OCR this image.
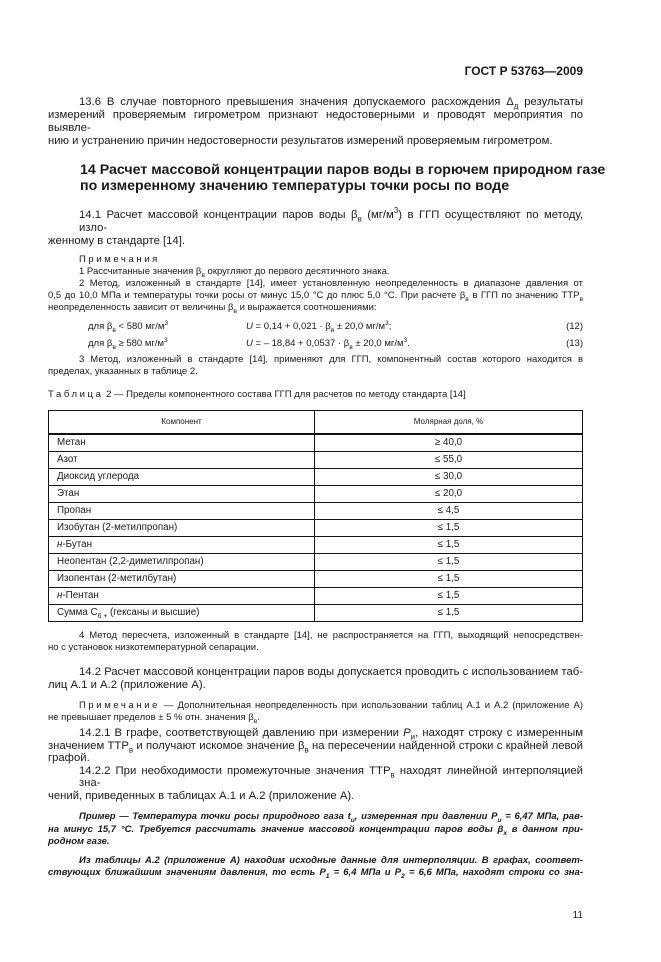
ГОСТ Р 53763—2009
13.6 В случае повторного превышения значения допускаемого расхождения $\Delta_д$ результаты
измерений проверяемым гигрометром признают недостоверными и проводят мероприятия по выявле-
нию и устранению причин недостоверности результатов измерений проверяемым гигрометром.
14 Расчет массовой концентрации паров воды в горючем природном газе
по измеренному значению температуры точки росы по воде
14.1 Расчет массовой концентрации паров воды $\beta_в$ $(мг/м^3)$ в ГГП осуществляют по методу, изло-
женному в стандарте [14].
Примечания
1 Рассчитанные значения $\beta_в$ округляют до первого десятичного знака.
2 Метод, изложенный в стандарте [14], имеет установленную неопределенность в диапазоне давления от
0,5 до 10,0 МПа и температуры точки росы от минус 15,0 °С до плюс 5,0 °С. При расчете $\beta_в$ в ГГП по значению $ТТР_в$
неопределенность зависит от величины $\beta_в$ и выражается соотношениями:
для $\beta_в < 580$ $мг/м^3$	$U = 0,14 + 0,021 \cdot \beta_в \pm 20,0$ $мг/м^3$;	(12)
для $\beta_в \ge 580$ $мг/м^3$	U = – $18,84 + 0,0537 \cdot \beta_в \pm 20,0$ $мг/м^3$.	(13)
3 Метод, изложенный в стандарте [14], применяют для ГГП, компонентный состав которого находится в
пределах, указанных в таблице 2.
Таблица 2 — Пределы компонентного состава ГГП для расчетов по методу стандарта [14]
Компонент	Молярная доля, %
Метан	≥ 40,0
Азот	≤ 55,0
Диоксид углерода	≤ 30,0
Этан	≤ 20,0
Пропан	≤ 4,5
Изобутан (2-метилпропан)	≤ 1,5
н-Бутан	≤ 1,5
Неопентан (2,2-диметилпропан)	≤ 1,5
Изопентан (2-метилбутан)	≤ 1,5
н-Пентан	≤ 1,5
Сумма $С_{6 +}$ (гексаны и высшие)	≤ 1,5
4 Метод пересчета, изложенный в стандарте [14], не распространяется на ГГП, выходящий непосредствен-
но с установок низкотемпературной сепарации.
14.2 Расчет массовой концентрации паров воды допускается проводить с использованием таб-
лиц А.1 и А.2 (приложение А).
Примечание — Дополнительная неопределенность при использовании таблиц А.1 и А.2 (приложение А)
не превышает пределов ± 5 % отн. значения $\beta_в$.
14.2.1 В графе, соответствующей давлению при измерении $P_и$, находят строку с измеренным
значением $ТТР_в$ и получают искомое значение $\beta_в$ на пересечении найденной строки с крайней левой
графой.
14.2.2 При необходимости промежуточные значения $ТТР_в$ находят линейной интерполяцией зна-
чений, приведенных в таблицах А.1 и А.2 (приложение А).
Пример — Температура точки росы природного газа $t_и$, измеренная при давлении $P_и = 6,47$ МПа, рав-
на минус 15,7 °С. Требуется рассчитать значение массовой концентрации паров воды $\beta_x$ в данном при-
родном газе.
Из таблицы А.2 (приложение А) находим исходные данные для интерполяции. В графах, соответ-
ствующих ближайшим значениям давления, то есть $P_1 = 6,4$ МПа и $P_2 = 6,6$ МПа, находят строки со зна-
11
